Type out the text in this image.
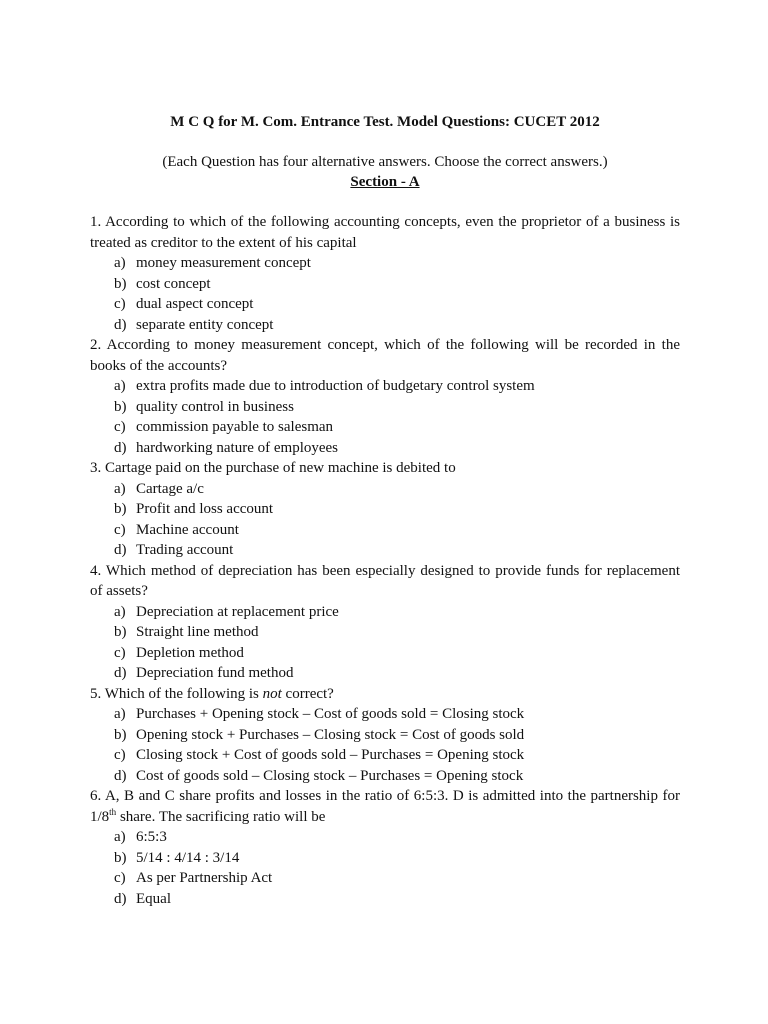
M C Q for M. Com. Entrance Test. Model Questions: CUCET 2012

(Each Question has four alternative answers. Choose the correct answers.)

Section - A

1. According to which of the following accounting concepts, even the proprietor of a business is treated as creditor to the extent of his capital

a) money measurement concept
b) cost concept
c) dual aspect concept
d) separate entity concept

2. According to money measurement concept, which of the following will be recorded in the books of the accounts?

a) extra profits made due to introduction of budgetary control system
b) quality control in business
c) commission payable to salesman
d) hardworking nature of employees

3. Cartage paid on the purchase of new machine is debited to

a) Cartage a/c
b) Profit and loss account
c) Machine account
d) Trading account

4. Which method of depreciation has been especially designed to provide funds for replacement of assets?

a) Depreciation at replacement price
b) Straight line method
c) Depletion method
d) Depreciation fund method

5. Which of the following is not correct?

a) Purchases + Opening stock – Cost of goods sold = Closing stock
b) Opening stock + Purchases – Closing stock = Cost of goods sold
c) Closing stock + Cost of goods sold – Purchases = Opening stock
d) Cost of goods sold – Closing stock – Purchases = Opening stock

6. A, B and C share profits and losses in the ratio of 6:5:3. D is admitted into the partnership for 1/8th share. The sacrificing ratio will be

a) 6:5:3
b) 5/14 : 4/14 : 3/14
c) As per Partnership Act
d) Equal
